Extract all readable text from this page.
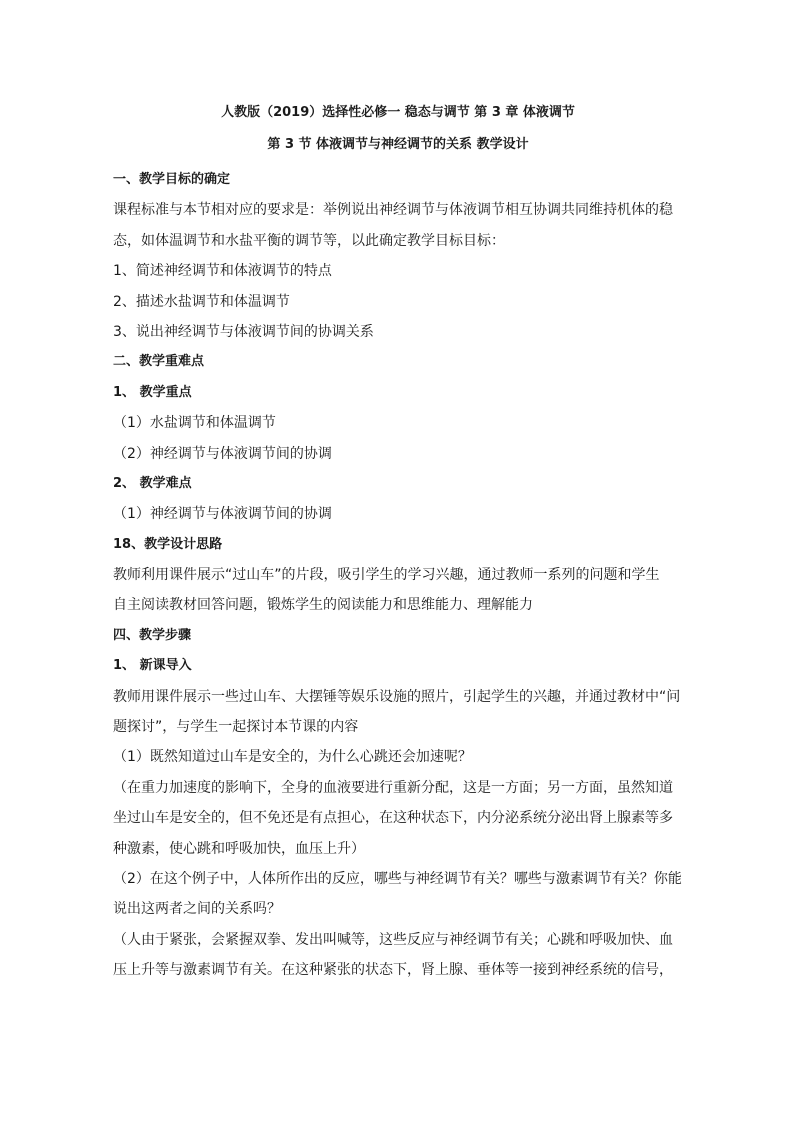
人教版（2019）选择性必修一 稳态与调节 第 3 章 体液调节
第 3 节 体液调节与神经调节的关系 教学设计

一、教学目标的确定

课程标准与本节相对应的要求是：举例说出神经调节与体液调节相互协调共同维持机体的稳

态，如体温调节和水盐平衡的调节等，以此确定教学目标目标：

1、简述神经调节和体液调节的特点

2、描述水盐调节和体温调节

3、说出神经调节与体液调节间的协调关系

二、教学重难点

1、 教学重点

（1）水盐调节和体温调节

（2）神经调节与体液调节间的协调

2、 教学难点

（1）神经调节与体液调节间的协调

18、教学设计思路

教师利用课件展示“过山车”的片段，吸引学生的学习兴趣，通过教师一系列的问题和学生

自主阅读教材回答问题，锻炼学生的阅读能力和思维能力、理解能力

四、教学步骤

1、 新课导入

教师用课件展示一些过山车、大摆锤等娱乐设施的照片，引起学生的兴趣，并通过教材中“问

题探讨”，与学生一起探讨本节课的内容

（1）既然知道过山车是安全的，为什么心跳还会加速呢？

（在重力加速度的影响下，全身的血液要进行重新分配，这是一方面；另一方面，虽然知道

坐过山车是安全的，但不免还是有点担心，在这种状态下，内分泌系统分泌出肾上腺素等多

种激素，使心跳和呼吸加快，血压上升）

（2）在这个例子中，人体所作出的反应，哪些与神经调节有关？哪些与激素调节有关？你能

说出这两者之间的关系吗？

（人由于紧张，会紧握双拳、发出叫喊等，这些反应与神经调节有关；心跳和呼吸加快、血

压上升等与激素调节有关。在这种紧张的状态下，肾上腺、垂体等一接到神经系统的信号，
